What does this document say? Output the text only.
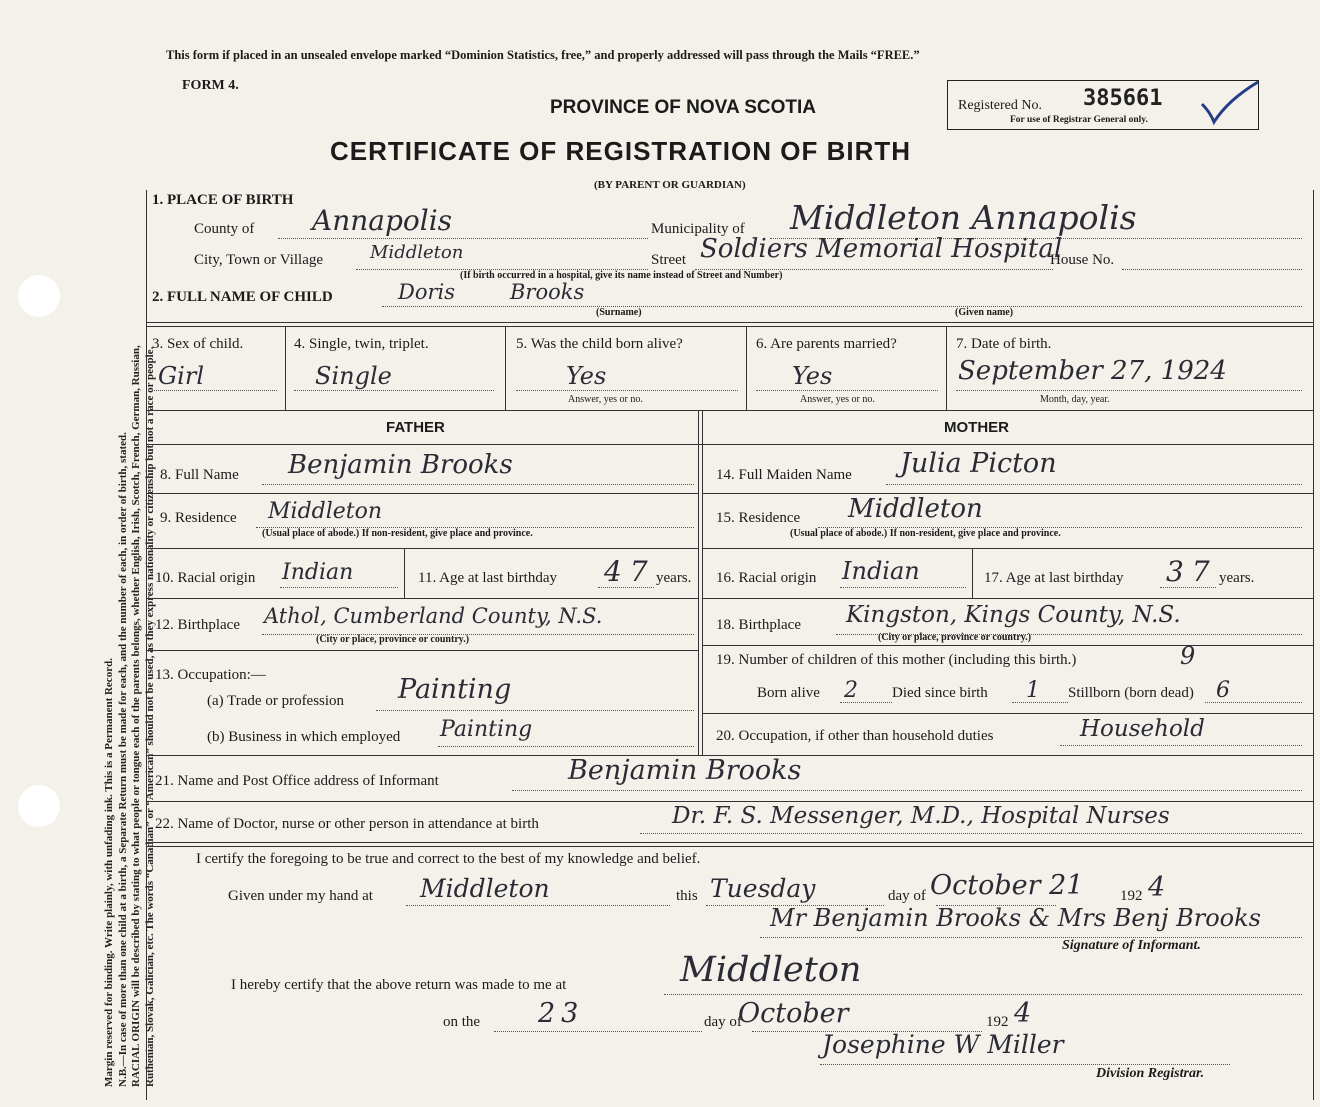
Margin reserved for binding. Write plainly, with unfading ink. This is a Permanent Record. N.B.—In case of more than one child at a birth, a Separate Return must be made for each, and the number of each, in order of birth, stated. RACIAL ORIGIN will be described by stating to what people or tongue each of the parents belongs, whether English, Irish, Scotch, French, German, Russian, Ruthenian, Slovak, Galician, etc. The words “Canadian” or “American” should not be used, as they express nationality or citizenship but not a race or people.
This form if placed in an unsealed envelope marked “Dominion Statistics, free,” and properly addressed will pass through the Mails “FREE.”
FORM 4.
PROVINCE OF NOVA SCOTIA	Registered No. 385661
For use of Registrar General only.
CERTIFICATE OF REGISTRATION OF BIRTH
(BY PARENT OR GUARDIAN)
1. PLACE OF BIRTH
County of Annapolis	Municipality of Middleton Annapolis
City, Town or Village	Middleton	Street Soldiers Memorial Hospital
House No.
(If birth occurred in a hospital, give its name instead of Street and Number)
2. FULL NAME OF CHILD	Doris	Brooks
(Surname)	(Given name)
3. Sex of child.
Girl
4. Single, twin, triplet.
Single
5. Was the child born alive?
Yes
Answer, yes or no.
6. Are parents married?
Yes
Answer, yes or no.
7. Date of birth.
September 27, 1924
Month, day, year.
FATHER	MOTHER
8. Full Name Benjamin Brooks
9. Residence Middleton
(Usual place of abode.) If non-resident, give place and province.
10. Racial origin Indian	11. Age at last birthday 47 years.
12. Birthplace Athol, Cumberland County, N.S.
(City or place, province or country.)
13. Occupation:—
(a) Trade or profession Painting
(b) Business in which employed Painting
14. Full Maiden Name Julia Picton
15. Residence Middleton
(Usual place of abode.) If non-resident, give place and province.
16. Racial origin Indian	17. Age at last birthday 37 years.
18. Birthplace Kingston, Kings County, N.S.
(City or place, province or country.)
19. Number of children of this mother (including this birth.)	9
Born alive 2 Died since birth 1 Stillborn (born dead) 6
20. Occupation, if other than household duties	Household
21. Name and Post Office address of Informant	Benjamin Brooks
22. Name of Doctor, nurse or other person in attendance at birth	Dr. F. S. Messenger, M.D., Hospital Nurses
I certify the foregoing to be true and correct to the best of my knowledge and belief.
Given under my hand at Middleton	this Tuesday	day of October 21 192 4
Mr Benjamin Brooks & Mrs Benj Brooks
Signature of Informant.
I hereby certify that the above return was made to me at	Middleton
on the 23	day of
October	192 4
Josephine W Miller
Division Registrar.
